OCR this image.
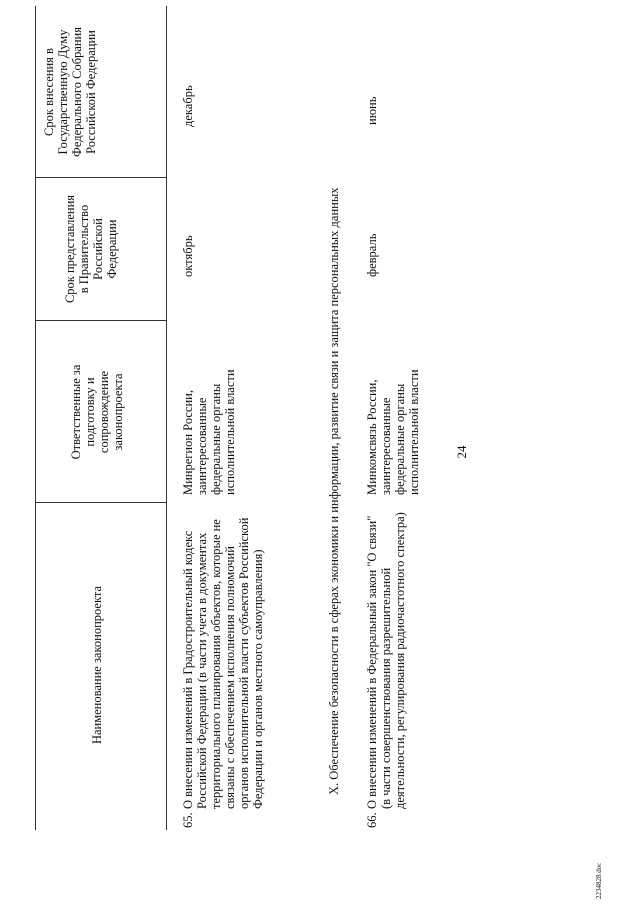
24
Наименование законопроекта
Ответственные за подготовку и сопровождение законопроекта
Срок представления в Правительство Российской Федерации
Срок внесения в Государственную Думу Федерального Собрания Российской Федерации
65.
О внесении изменений в Градостроительный кодекс Российской Федерации (в части учета в документах территориального планирования объектов, которые не связаны с обеспечением исполнения полномочий органов исполнительной власти субъектов Российской Федерации и органов местного самоуправления)
Минрегион России, заинтересованные федеральные органы исполнительной власти
октябрь
декабрь
X. Обеспечение безопасности в сферах экономики и информации, развитие связи и защита персональных данных
66.
О внесении изменений в Федеральный закон "О связи" (в части совершенствования разрешительной деятельности, регулирования радиочастотного спектра)
Минкомсвязь России, заинтересованные федеральные органы исполнительной власти
февраль
июнь
2234828.doc
